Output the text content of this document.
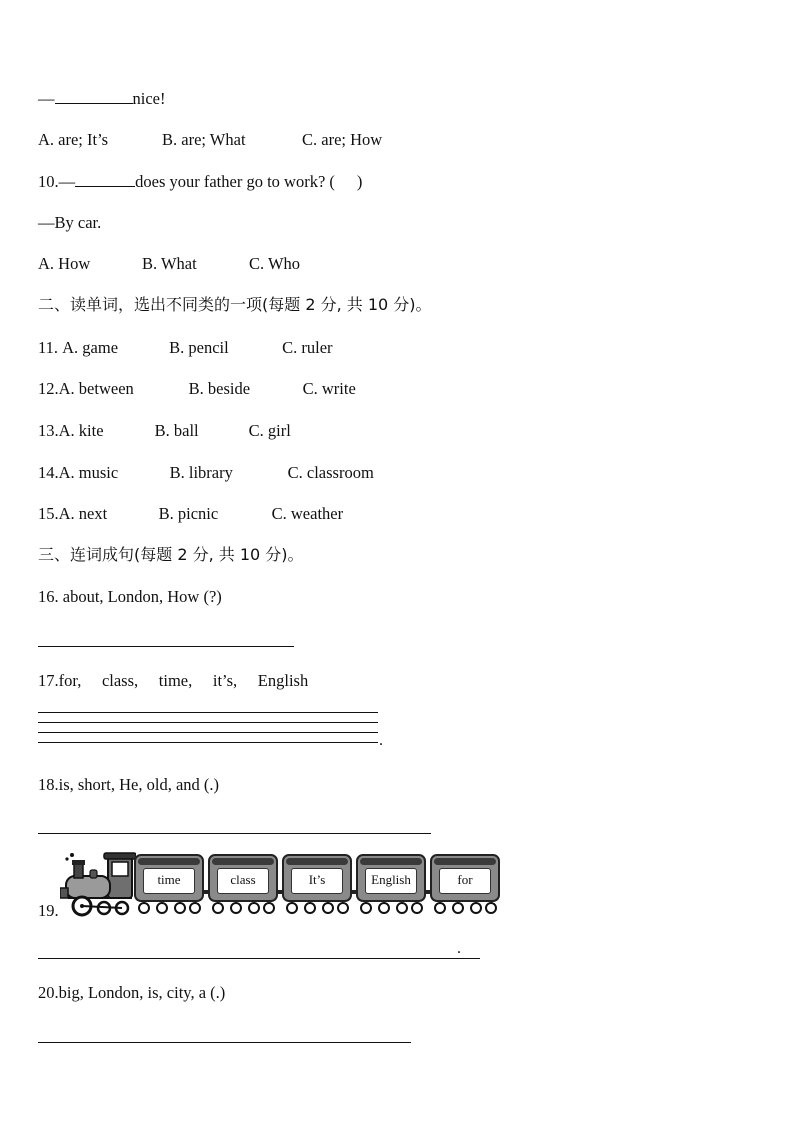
—	nice!
A. are; It’s	B. are; What	C. are; How
10.—	does your father go to work? ( )
—By car.
A. How	B. What	C. Who
二、读单词，选出不同类的一项(每题 2 分, 共 10 分)。
11. A. game	B. pencil	C. ruler
12.A. between	B. beside	C. write
13.A. kite	B. ball	C. girl
14.A. music	B. library	C. classroom
15.A. next	B. picnic	C. weather
三、连词成句(每题 2 分, 共 10 分)。
16. about, London, How (?)
17.for,     class,     time,     it’s,     English
.
18.is, short, He, old, and (.)
19.
time	class	It’s	English	for
.
20.big, London, is, city, a (.)
